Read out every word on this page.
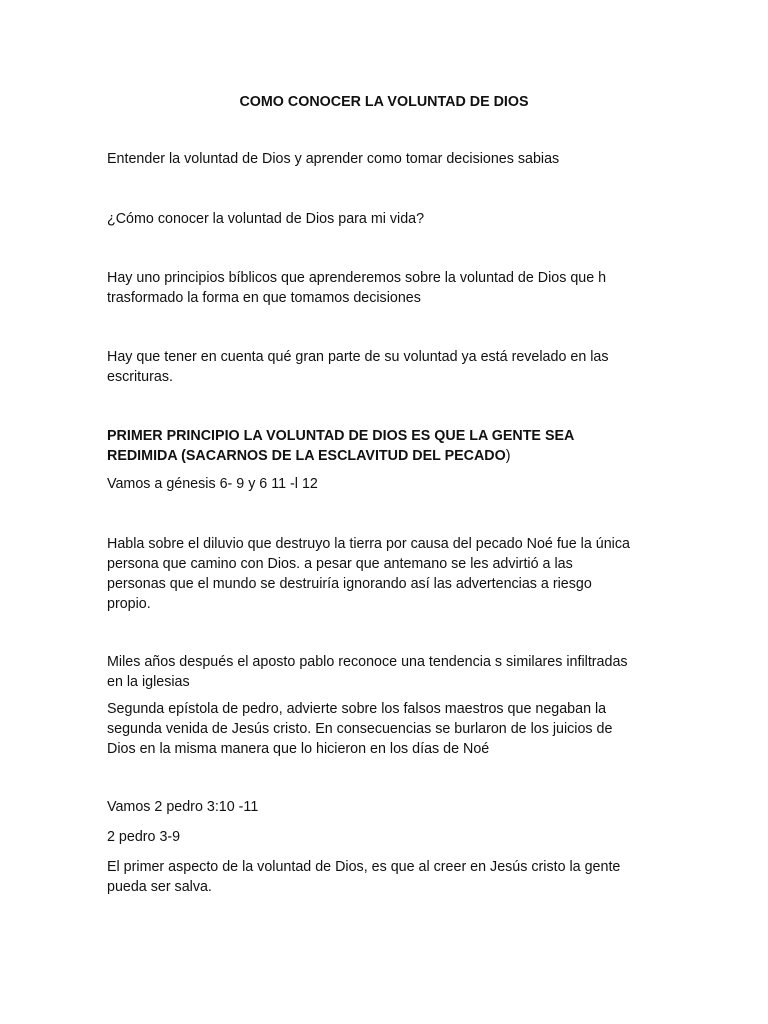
COMO CONOCER LA VOLUNTAD DE DIOS

Entender la voluntad de Dios y aprender como tomar decisiones sabias

¿Cómo conocer la voluntad de Dios para mi vida?

Hay uno principios bíblicos que aprenderemos sobre la voluntad de Dios que h
trasformado la forma en que tomamos decisiones

Hay que tener en cuenta qué gran parte de su voluntad ya está revelado en las
escrituras.

PRIMER PRINCIPIO LA VOLUNTAD DE DIOS ES QUE LA GENTE SEA
REDIMIDA (SACARNOS DE LA ESCLAVITUD DEL PECADO)

Vamos a génesis 6- 9 y 6 11 -l 12

Habla sobre el diluvio que destruyo la tierra por causa del pecado Noé fue la única
persona que camino con Dios. a pesar que antemano se les advirtió a las
personas que el mundo se destruiría ignorando así las advertencias a riesgo
propio.

Miles años después el aposto pablo reconoce una tendencia s similares infiltradas
en la iglesias

Segunda epístola de pedro, advierte sobre los falsos maestros que negaban la
segunda venida de Jesús cristo. En consecuencias se burlaron de los juicios de
Dios en la misma manera que lo hicieron en los días de Noé

Vamos 2 pedro 3:10 -11

2 pedro 3-9

El primer aspecto de la voluntad de Dios, es que al creer en Jesús cristo la gente
pueda ser salva.
